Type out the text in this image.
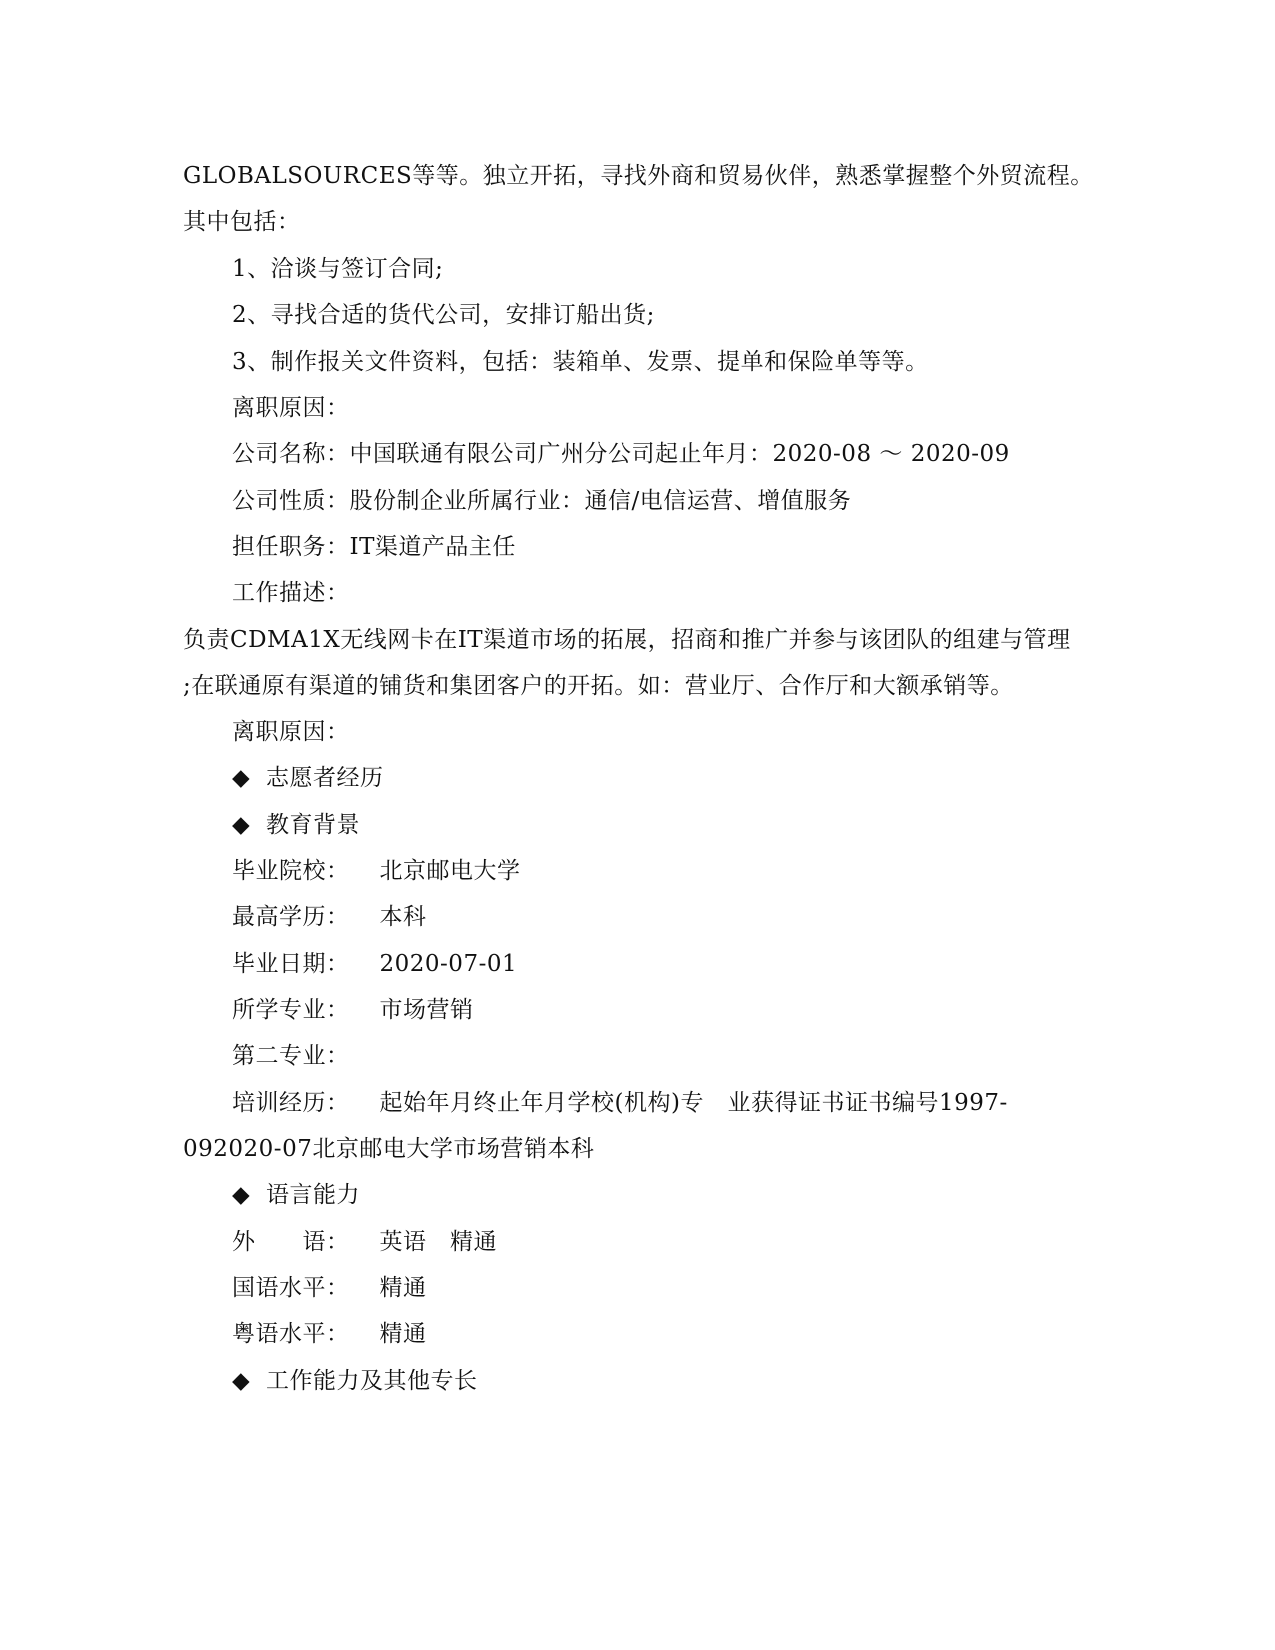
GLOBALSOURCES等等。独立开拓，寻找外商和贸易伙伴，熟悉掌握整个外贸流程。
其中包括：
1、洽谈与签订合同;
2、寻找合适的货代公司，安排订船出货;
3、制作报关文件资料，包括：装箱单、发票、提单和保险单等等。
离职原因：
公司名称：中国联通有限公司广州分公司起止年月：2020-08 ～ 2020-09
公司性质：股份制企业所属行业：通信/电信运营、增值服务
担任职务：IT渠道产品主任
工作描述：
负责CDMA1X无线网卡在IT渠道市场的拓展，招商和推广并参与该团队的组建与管理
;在联通原有渠道的铺货和集团客户的开拓。如：营业厅、合作厅和大额承销等。
离职原因：
◆ 志愿者经历
◆ 教育背景
毕业院校： 北京邮电大学
最高学历： 本科
毕业日期： 2020-07-01
所学专业： 市场营销
第二专业：
培训经历： 起始年月终止年月学校(机构)专　业获得证书证书编号1997-
092020-07北京邮电大学市场营销本科
◆ 语言能力
外　　语： 英语　精通
国语水平： 精通
粤语水平： 精通
◆ 工作能力及其他专长
